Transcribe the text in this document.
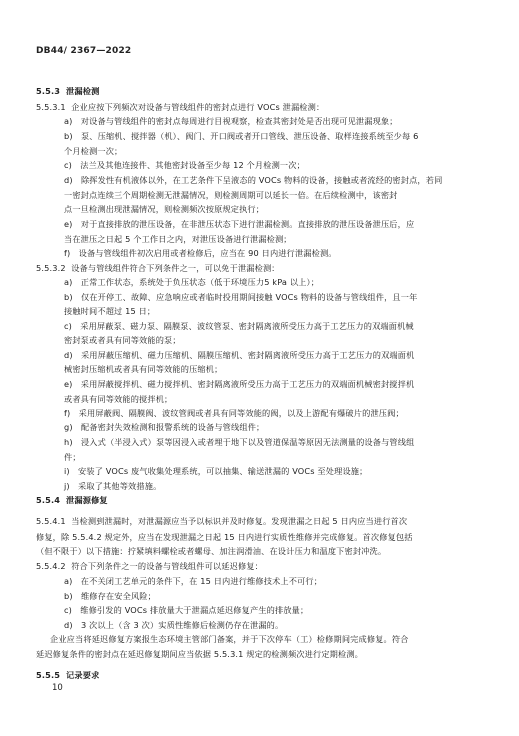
DB44/ 2367—2022
5.5.3  泄漏检测
5.5.3.1  企业应按下列频次对设备与管线组件的密封点进行 VOCs 泄漏检测：
a)   对设备与管线组件的密封点每周进行目视观察，检查其密封处是否出现可见泄漏现象；
b)   泵、压缩机、搅拌器（机）、阀门、开口阀或者开口管线、泄压设备、取样连接系统至少每 6
个月检测一次；
c)   法兰及其他连接件、其他密封设备至少每 12 个月检测一次；
d)   除挥发性有机液体以外，在工艺条件下呈液态的 VOCs 物料的设备，接触或者流经的密封点，若同
一密封点连续三个周期检测无泄漏情况，则检测周期可以延长一倍。在后续检测中，该密封
点一旦检测出现泄漏情况，则检测频次按原规定执行；
e)   对于直接排放的泄压设备，在非泄压状态下进行泄漏检测。直接排放的泄压设备泄压后，应
当在泄压之日起 5 个工作日之内，对泄压设备进行泄漏检测；
f)   设备与管线组件初次启用或者检修后，应当在 90 日内进行泄漏检测。
5.5.3.2  设备与管线组件符合下列条件之一，可以免于泄漏检测：
a)   正常工作状态，系统处于负压状态（低于环境压力5 kPa 以上）；
b)   仅在开停工、故障、应急响应或者临时投用期间接触 VOCs 物料的设备与管线组件，且一年
接触时间不超过 15 日；
c)   采用屏蔽泵、磁力泵、隔膜泵、波纹管泵、密封隔离液所受压力高于工艺压力的双端面机械
密封泵或者具有同等效能的泵；
d)   采用屏蔽压缩机、磁力压缩机、隔膜压缩机、密封隔离液所受压力高于工艺压力的双端面机
械密封压缩机或者具有同等效能的压缩机；
e)   采用屏蔽搅拌机、磁力搅拌机、密封隔离液所受压力高于工艺压力的双端面机械密封搅拌机
或者具有同等效能的搅拌机；
f)   采用屏蔽阀、隔膜阀、波纹管阀或者具有同等效能的阀，以及上游配有爆破片的泄压阀；
g)   配备密封失效检测和报警系统的设备与管线组件；
h)   浸入式（半浸入式）泵等因浸入或者埋于地下以及管道保温等原因无法测量的设备与管线组
件；
i)   安装了 VOCs 废气收集处理系统，可以抽集、输送泄漏的 VOCs 至处理设施；
j)   采取了其他等效措施。
5.5.4  泄漏源修复
5.5.4.1  当检测到泄漏时，对泄漏源应当予以标识并及时修复。发现泄漏之日起 5 日内应当进行首次
修复，除 5.5.4.2 规定外，应当在发现泄漏之日起 15 日内进行实质性维修并完成修复。首次修复包括
（但不限于）以下措施：拧紧填料螺栓或者螺母、加注润滑油、在设计压力和温度下密封冲洗。
5.5.4.2  符合下列条件之一的设备与管线组件可以延迟修复：
a)   在不关闭工艺单元的条件下，在 15 日内进行维修技术上不可行；
b)   维修存在安全风险；
c)   维修引发的 VOCs 排放量大于泄漏点延迟修复产生的排放量；
d)   3 次以上（含 3 次）实质性维修后检测仍存在泄漏的。
企业应当将延迟修复方案报生态环境主管部门备案，并于下次停车（工）检修期间完成修复。符合
延迟修复条件的密封点在延迟修复期间应当依据 5.5.3.1 规定的检测频次进行定期检测。
5.5.5  记录要求
10
